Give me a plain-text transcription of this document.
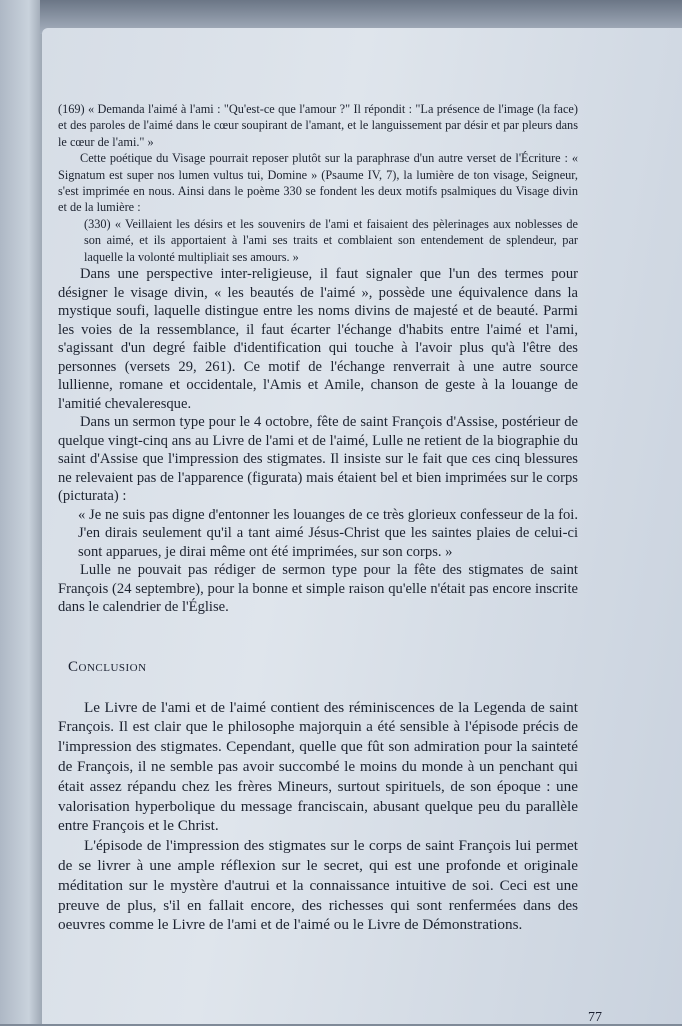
(169) « Demanda l'aimé à l'ami : "Qu'est-ce que l'amour ?" Il répondit : "La présence de l'image (la face) et des paroles de l'aimé dans le cœur soupirant de l'amant, et le languissement par désir et par pleurs dans le cœur de l'ami." »

Cette poétique du Visage pourrait reposer plutôt sur la paraphrase d'un autre verset de l'Écriture : « Signatum est super nos lumen vultus tui, Domine » (Psaume IV, 7), la lumière de ton visage, Seigneur, s'est imprimée en nous. Ainsi dans le poème 330 se fondent les deux motifs psalmiques du Visage divin et de la lumière :

(330) « Veillaient les désirs et les souvenirs de l'ami et faisaient des pèlerinages aux noblesses de son aimé, et ils apportaient à l'ami ses traits et comblaient son entendement de splendeur, par laquelle la volonté multipliait ses amours. »

Dans une perspective inter-religieuse, il faut signaler que l'un des termes pour désigner le visage divin, « les beautés de l'aimé », possède une équivalence dans la mystique soufi, laquelle distingue entre les noms divins de majesté et de beauté. Parmi les voies de la ressemblance, il faut écarter l'échange d'habits entre l'aimé et l'ami, s'agissant d'un degré faible d'identification qui touche à l'avoir plus qu'à l'être des personnes (versets 29, 261). Ce motif de l'échange renverrait à une autre source lullienne, romane et occidentale, l'Amis et Amile, chanson de geste à la louange de l'amitié chevaleresque.

Dans un sermon type pour le 4 octobre, fête de saint François d'Assise, postérieur de quelque vingt-cinq ans au Livre de l'ami et de l'aimé, Lulle ne retient de la biographie du saint d'Assise que l'impression des stigmates. Il insiste sur le fait que ces cinq blessures ne relevaient pas de l'apparence (figurata) mais étaient bel et bien imprimées sur le corps (picturata) :

« Je ne suis pas digne d'entonner les louanges de ce très glorieux confesseur de la foi. J'en dirais seulement qu'il a tant aimé Jésus-Christ que les saintes plaies de celui-ci sont apparues, je dirai même ont été imprimées, sur son corps. »

Lulle ne pouvait pas rédiger de sermon type pour la fête des stigmates de saint François (24 septembre), pour la bonne et simple raison qu'elle n'était pas encore inscrite dans le calendrier de l'Église.

Conclusion

Le Livre de l'ami et de l'aimé contient des réminiscences de la Legenda de saint François. Il est clair que le philosophe majorquin a été sensible à l'épisode précis de l'impression des stigmates. Cependant, quelle que fût son admiration pour la sainteté de François, il ne semble pas avoir succombé le moins du monde à un penchant qui était assez répandu chez les frères Mineurs, surtout spirituels, de son époque : une valorisation hyperbolique du message franciscain, abusant quelque peu du parallèle entre François et le Christ.

L'épisode de l'impression des stigmates sur le corps de saint François lui permet de se livrer à une ample réflexion sur le secret, qui est une profonde et originale méditation sur le mystère d'autrui et la connaissance intuitive de soi. Ceci est une preuve de plus, s'il en fallait encore, des richesses qui sont renfermées dans des oeuvres comme le Livre de l'ami et de l'aimé ou le Livre de Démonstrations.

77
